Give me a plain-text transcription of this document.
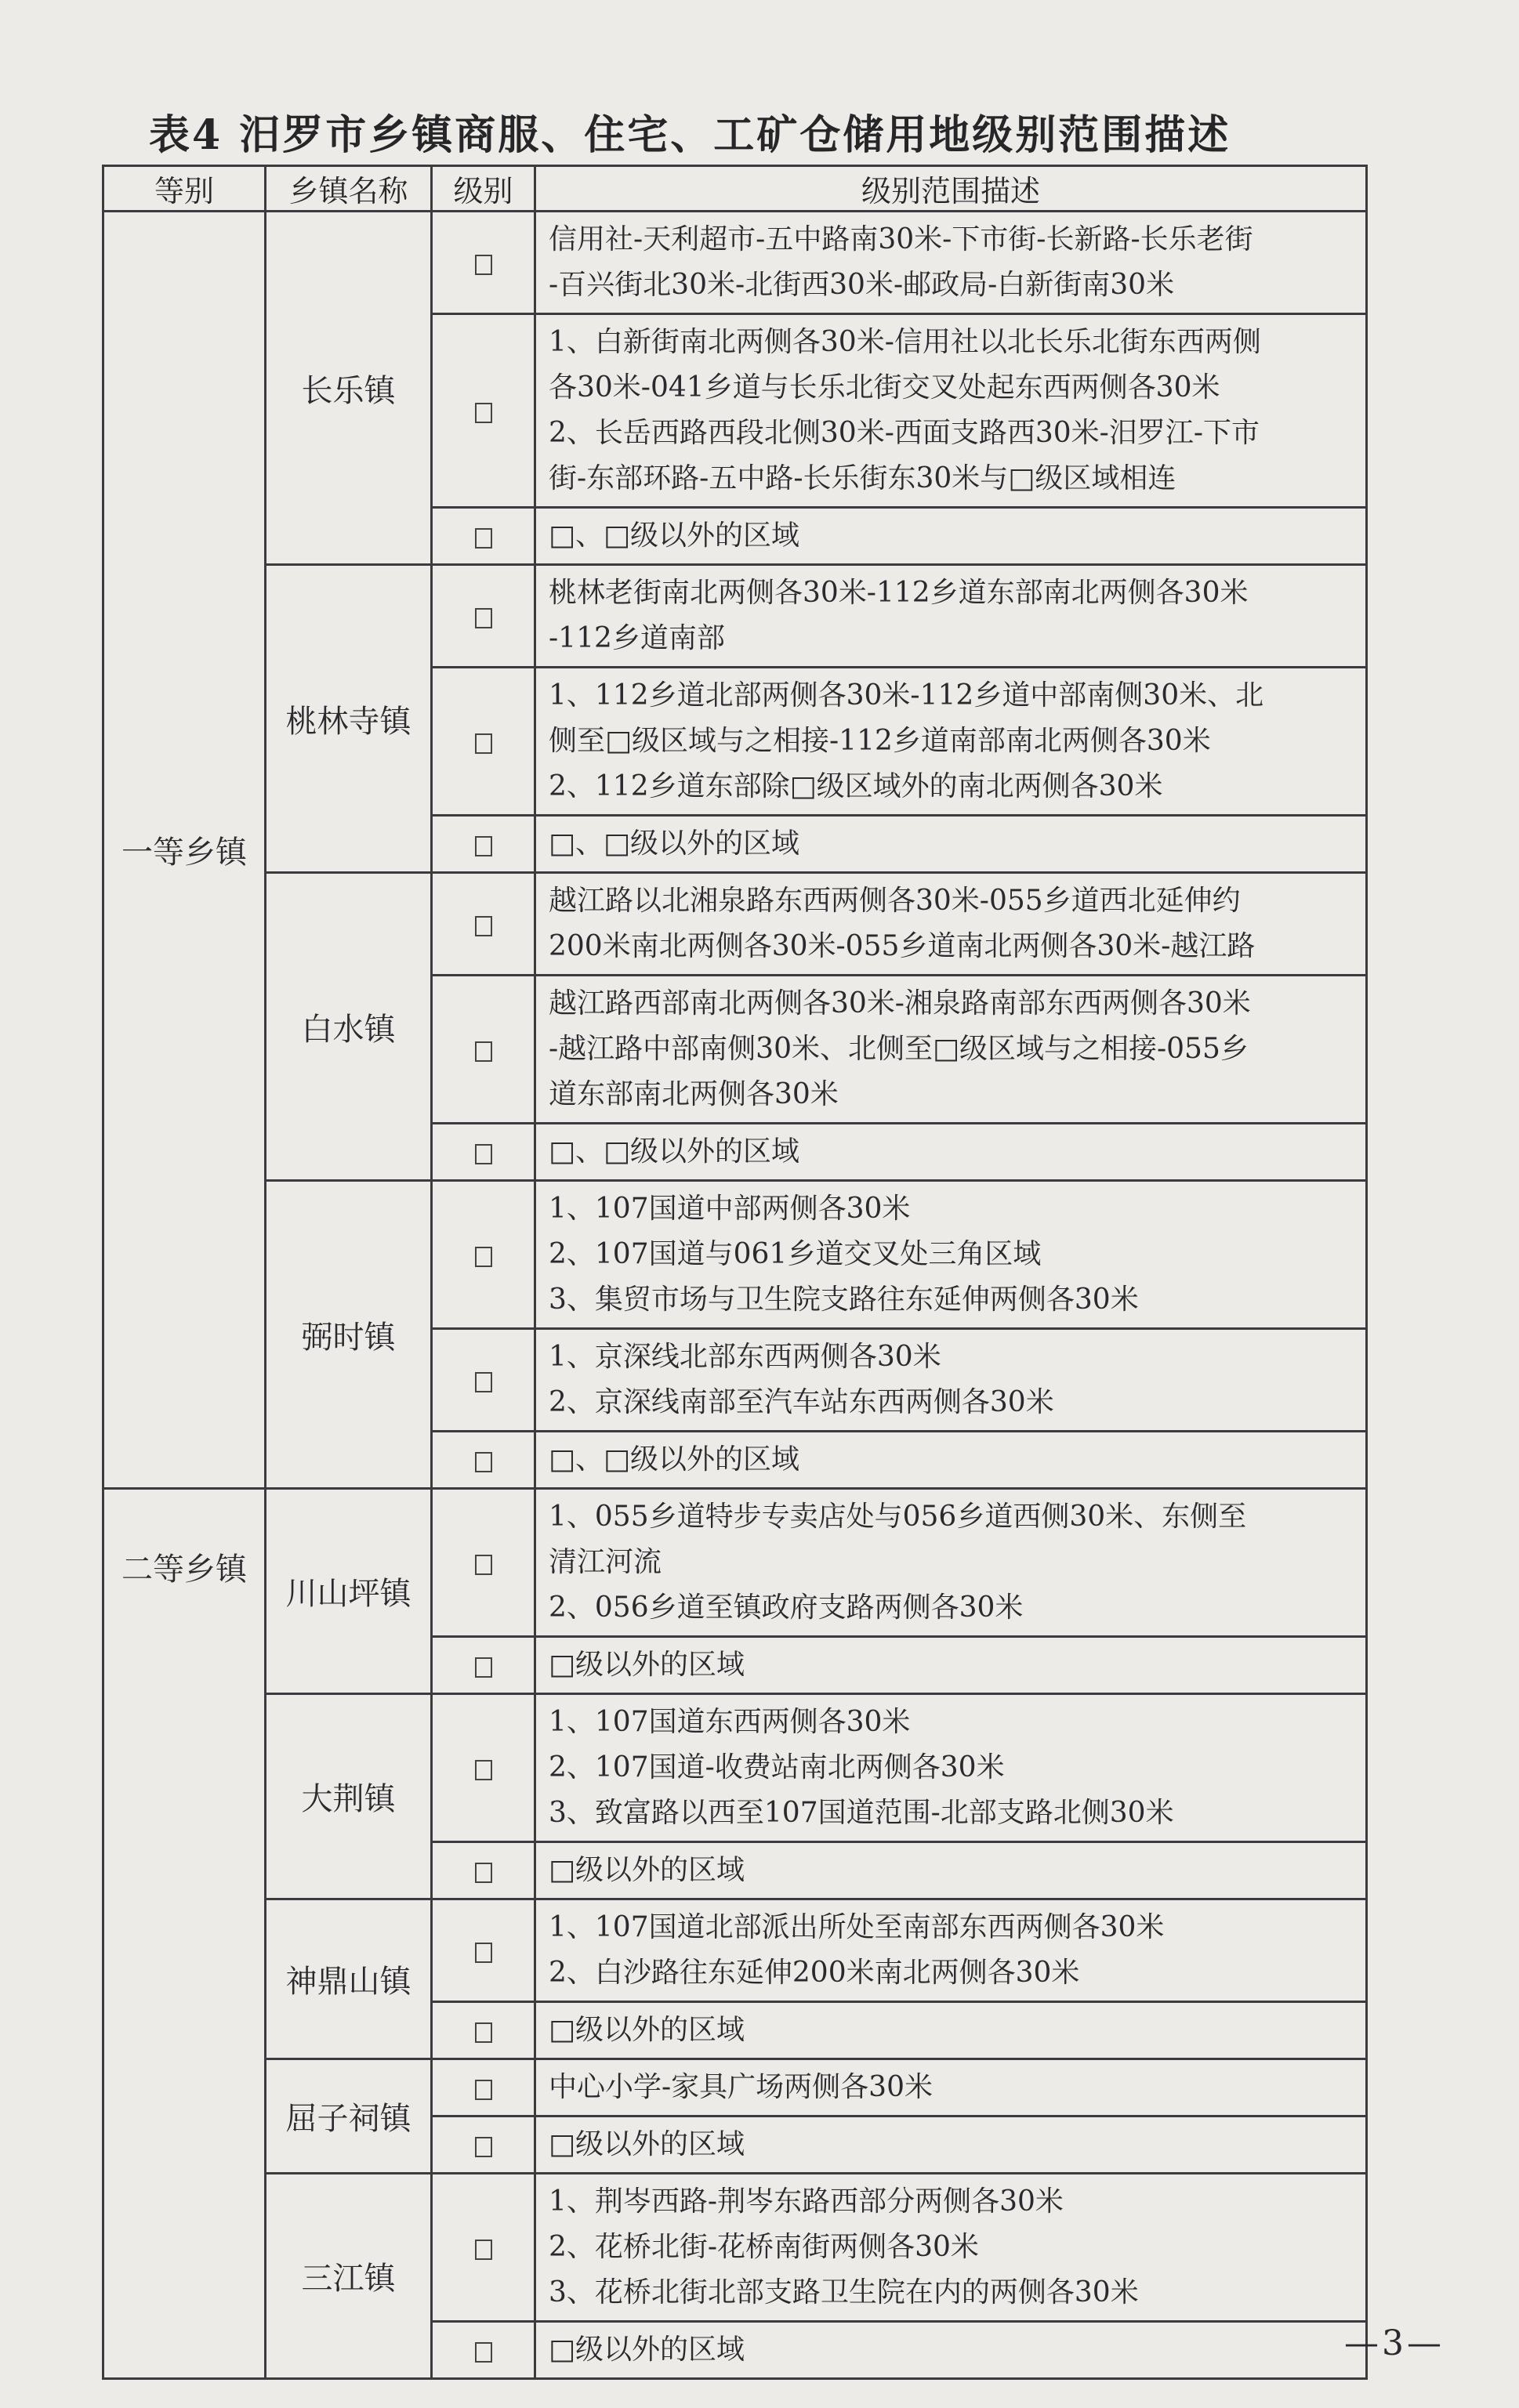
表4 汨罗市乡镇商服、住宅、工矿仓储用地级别范围描述
等别	乡镇名称	级别	级别范围描述
一等乡镇	长乐镇		信用社-天利超市-五中路南30米-下市街-长新路-长乐老街
-百兴街北30米-北街西30米-邮政局-白新街南30米
			1、白新街南北两侧各30米-信用社以北长乐北街东西两侧
各30米-041乡道与长乐北街交叉处起东西两侧各30米
2、长岳西路西段北侧30米-西面支路西30米-汨罗江-下市
街-东部环路-五中路-长乐街东30米与□级区域相连
			□、□级以外的区域
	桃林寺镇		桃林老街南北两侧各30米-112乡道东部南北两侧各30米
-112乡道南部
			1、112乡道北部两侧各30米-112乡道中部南侧30米、北
侧至□级区域与之相接-112乡道南部南北两侧各30米
2、112乡道东部除□级区域外的南北两侧各30米
			□、□级以外的区域
	白水镇		越江路以北湘泉路东西两侧各30米-055乡道西北延伸约
200米南北两侧各30米-055乡道南北两侧各30米-越江路
			越江路西部南北两侧各30米-湘泉路南部东西两侧各30米
-越江路中部南侧30米、北侧至□级区域与之相接-055乡
道东部南北两侧各30米
			□、□级以外的区域
	弼时镇		1、107国道中部两侧各30米
2、107国道与061乡道交叉处三角区域
3、集贸市场与卫生院支路往东延伸两侧各30米
			1、京深线北部东西两侧各30米
2、京深线南部至汽车站东西两侧各30米
			□、□级以外的区域
二等乡镇	川山坪镇		1、055乡道特步专卖店处与056乡道西侧30米、东侧至
清江河流
2、056乡道至镇政府支路两侧各30米
			□级以外的区域
	大荆镇		1、107国道东西两侧各30米
2、107国道-收费站南北两侧各30米
3、致富路以西至107国道范围-北部支路北侧30米
			□级以外的区域
	神鼎山镇		1、107国道北部派出所处至南部东西两侧各30米
2、白沙路往东延伸200米南北两侧各30米
			□级以外的区域
	屈子祠镇		中心小学-家具广场两侧各30米
			□级以外的区域
	三江镇		1、荆岑西路-荆岑东路西部分两侧各30米
2、花桥北街-花桥南街两侧各30米
3、花桥北街北部支路卫生院在内的两侧各30米
			□级以外的区域	—3—
